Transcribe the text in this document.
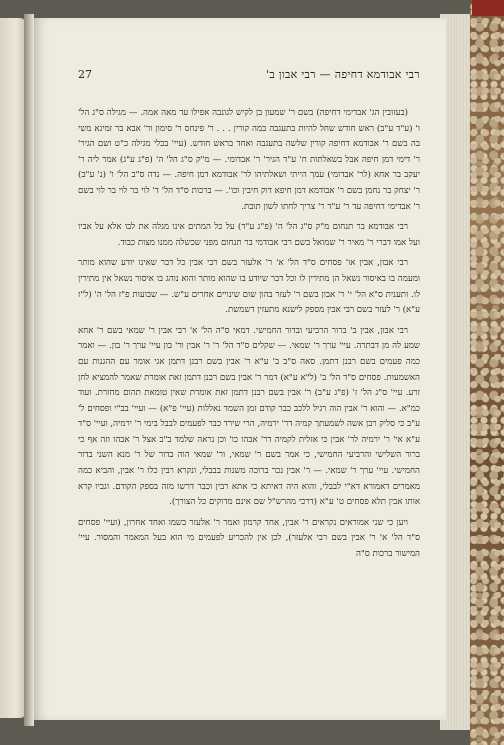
27	רבי אבודמא דחיפה — רבי אבון ב'

(בעזובין הג' אבדימי דחיפה) בשם ר' שמעון בן לקיש לגונבה אפילו עד מאה אמה. — מגילה ס"ג הל' ו' (ע"ד ע"ב) ראש חודש שחל להיות בתעגבה במה קורין . . . ר' פינחס ר' סימון ור' אבא בר זמינא משי בה בשם ר' אבודמא דחיפה קורין שלשה בתעגבה ואחד בראש חודש. (עיי' בבלי מגילה כ"ט ושם הגיר' ר' דימי דמן חיפה אבל בשאלתות ח' ע"ד הגיר' ר' אבדומי. — מ"ק ס"ג הל' ה' (פ"ג ע"ג) אמר ליה ר' יעקב בר אחא (לר' אבדומי) עמך הייתי ושאלתיהו לר' אבודמא דמן חיפה. — נדה ס"ב הל' ו' (נ' ע"ב) ר' יצחק בר נחמן בשם ר' אבודמא דמן חיפא דוק חיבין וכו'. — ברכות ס"ד הל' ד' לוי בר לוי בר לוי בשם ר' אבדימי דחיפה עד ר' ע"ד ר' צריך לחתו לשון תובת.

רבי אבודמא בר תנחום מ"ק ס"ג הל' ה' (פ"ג ע"ד) על כל המתים אינו מגלה את לבו אלא על אביו ועל אמו דברי ר' מאיר ר' שמואל בשם רבי אבודמי בר תנחום מפני שכשלה ממנו מצות כבוד.

רבי אבון, אבין או' פסחים ס"ד הל' א' ר' אלעזר בשם רבי אבין כל דבר שאינו יודע שהוא מותר ומעמה בו באיסור נשאל הן מתירין לו וכל דבר שיודע בו שהוא מותר והוא נוהג בו איסור נשאל אין מתירין לו. ותענית ס"א הל' י' ר' אבון בשם ר' לעזר בהון שום שינויים אחרים ע"ש. — שבועות פ"ז הל' ה' (ל"ז ע"א) ר' לעזר בשם רבי אבין מספק לישנא מתעזין דשמשת.

רבי אבון, אבין ב' ברור הרביעי ובדור החמישי. דמאי ס"ה הל' א' רבי אבין ר' שמאי בשם ר' אחא שמע לה מן דבתרה. עיי' ערך ר' שמאי. — שקלים ס"ד הל' ר' ר' אבין ור' בון עיי' ערך ר' בון. — ואמר כמה פעמים בשם רבנן דתמן. סאה ס"ב ב' ע"א ר' אבין בשם רבנן דתמן אגי אומר עם ההגנות עם האשמעות. פסחים ס"ד הל' ב' (ל"א ע"א) דמר ר' אבין בשם רבנן דתמן זאת אומרת שאמר להמציא לחן זרע. עיי' ס"ג הל' ז' (פ"ג ע"ב) ר' אבין בשם רבנן דתמן זאת אומרת שאין טומאת תהום מחזרת. ועוד כמ"א. — והוא ר' אבין הוה רגיל ללכב כבר קודם זמן השמד נאללות (עיי' פ"א) — ועיי' בב"י ופסחים ל' ע"ב כי סליק רבן אשה לשמעתך קמיה דר' ירמיה, הרי שירד כבר לפעמים לבבל בימי ר' ירמיה, ועיי' ס"ד ע"א אי' ר' ירמיה לר' אבין כי אזלית לקמיה דר' אבהו כו' וכן נראה שלמד ב"ב אצל ר' אבהו וזה אף כי ברור השלישי והרביעי החמישי, כי אמר בשם ר' שמאי, ור' שמאי הוה בדור של ר' מנא השני בדור החמישי. עיי' ערך ר' שמאי. — ר' אבין נכר ברוכה משנות בבבלי, ונקרא רבין כלו ר' אבין, והביא כמה מאמרים דאמורא דא"י לבבלי, והוא היה דאיתא כי אתא רבין וכבר דרשו מזה בספק הקודם. וגביו קרא אותו אבין תלא פסחים ט' ע"א (דרכי מהרש"ל שם אינם מדוקים כל הצורך).

ויען כי שני אמוראים נקראים ר' אבין, אחד קרמון ואמר ר' אלעזר בשמו ואחד אחרון, (ועיי' פסחים ס"ד הל' א' ר' אבין בשם רבי אלעזר), לכן אין להכריע לפעמים מי הוא בעל המאמר והמסור. עיי' המישור ברכות ס"ה
